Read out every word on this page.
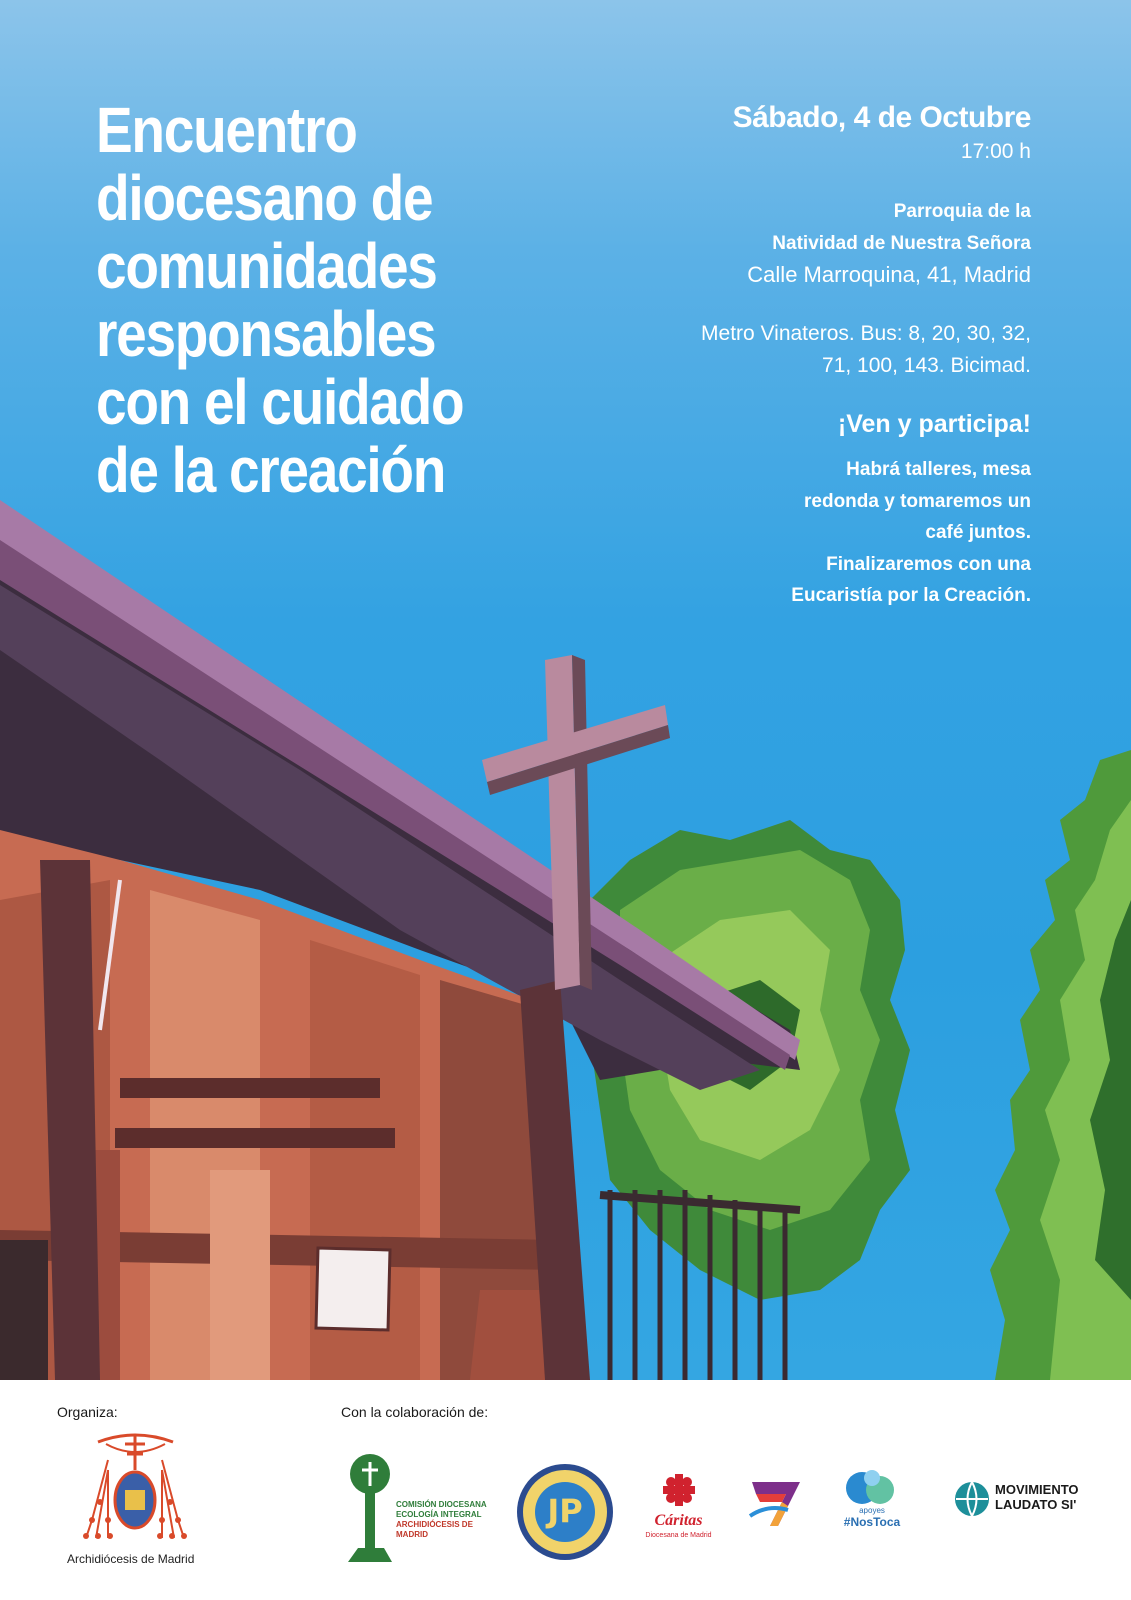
Encuentro
diocesano de
comunidades
responsables
con el cuidado
de la creación
Sábado, 4 de Octubre
17:00 h
Parroquia de la
Natividad de Nuestra Señora
Calle Marroquina, 41, Madrid
Metro Vinateros. Bus: 8, 20, 30, 32,
71, 100, 143. Bicimad.
¡Ven y participa!
Habrá talleres, mesa
redonda y tomaremos un
café juntos.
Finalizaremos con una
Eucaristía por la Creación.
Organiza:	Con la colaboración de:
Archidiócesis de Madrid
COMISIÓN DIOCESANA
ECOLOGÍA INTEGRAL
ARCHIDIÓCESIS DE MADRID
JP	Cáritas
Diocesana de Madrid
apoyes
#NosToca
MOVIMIENTO
LAUDATO SI'
